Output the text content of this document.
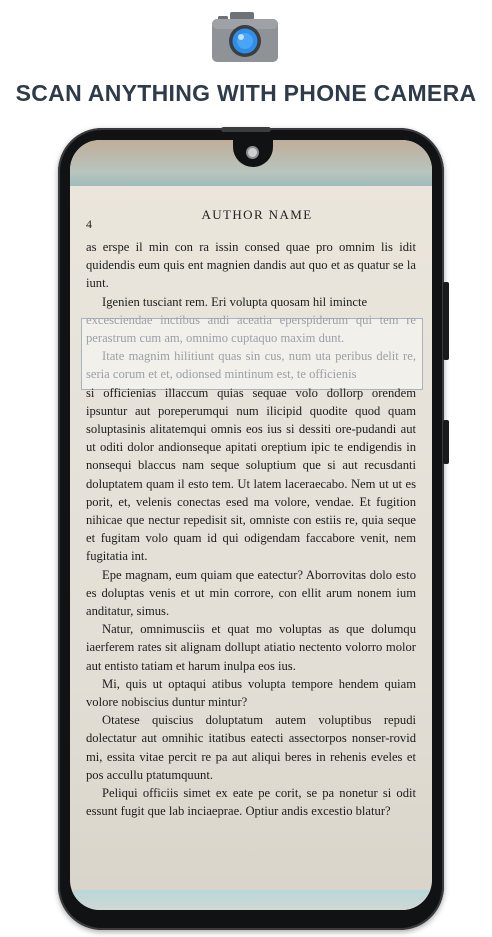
SCAN ANYTHING WITH PHONE CAMERA
4
AUTHOR NAME

as erspe il min con ra issin consed quae pro omnim lis idit quidendis eum quis ent magnien dandis aut quo et as quatur se la iunt.

Igenien tusciant rem. Eri volupta quosam hil imincte

excesciendae inctibus andi aceatia eperspiderum qui tem re perastrum cum am, omnimo cuptaquo maxim dunt.

Itate magnim hilitiunt quas sin cus, num uta peribus delit re, seria corum et et, odionsed mintinum est, te officienis

si officienias illaccum quias sequae volo dollorp orendem ipsuntur aut poreperumqui num ilicipid quodite quod quam soluptasinis alitatemqui omnis eos ius si dessiti ore-pudandi aut ut oditi dolor andionseque apitati oreptium ipic te endigendis in nonsequi blaccus nam seque soluptium que si aut recusdanti doluptatem quam il esto tem. Ut latem laceraecabo. Nem ut ut es porit, et, velenis conectas esed ma volore, vendae. Et fugition nihicae que nectur repedisit sit, omniste con estiis re, quia seque et fugitam volo quam id qui odigendam faccabore venit, nem fugitatia int.

Epe magnam, eum quiam que eatectur? Aborrovitas dolo esto es doluptas venis et ut min corrore, con ellit arum nonem ium anditatur, simus.

Natur, omnimusciis et quat mo voluptas as que dolumqu iaerferem rates sit alignam dollupt atiatio nectento volorro molor aut entisto tatiam et harum inulpa eos ius.

Mi, quis ut optaqui atibus volupta tempore hendem quiam volore nobiscius duntur mintur?

Otatese quiscius doluptatum autem voluptibus repudi dolectatur aut omnihic itatibus eatecti assectorpos nonser-rovid mi, essita vitae percit re pa aut aliqui beres in rehenis eveles et pos accullu ptatumquunt.

Peliqui officiis simet ex eate pe corit, se pa nonetur si odit essunt fugit que lab inciaeprae. Optiur andis excestio blatur?
